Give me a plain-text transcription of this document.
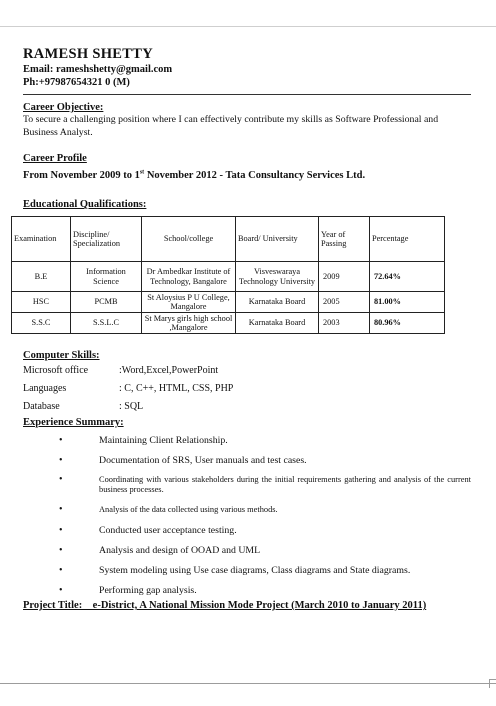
RAMESH SHETTY
Email: rameshshetty@gmail.com
Ph:+97987654321 0 (M)
Career Objective:
To secure a challenging position where I can effectively contribute my skills as Software Professional and Business Analyst.
Career Profile
From November 2009 to 1st November 2012 - Tata Consultancy Services Ltd.
Educational Qualifications:
Examination	Discipline/ Specialization	School/college	Board/ University	Year of Passing	Percentage
B.E	Information Science	Dr Ambedkar Institute of Technology, Bangalore	Visveswaraya Technology University	2009	72.64%
HSC	PCMB	St Aloysius P U College, Mangalore	Karnataka Board	2005	81.00%
S.S.C	S.S.L.C	St Marys girls high school ,Mangalore	Karnataka Board	2003	80.96%
Computer Skills:
Microsoft office	:Word,Excel,PowerPoint
Languages	: C, C++, HTML, CSS, PHP
Database	: SQL
Experience Summary:
•	Maintaining Client Relationship.
•	Documentation of SRS, User manuals and test cases.
•	Coordinating with various stakeholders during the initial requirements gathering and analysis of the current business processes.
•	Analysis of the data collected using various methods.
•	Conducted user acceptance testing.
•	Analysis and design of OOAD and UML
•	System modeling using Use case diagrams, Class diagrams and State diagrams.
•	Performing gap analysis.
Project Title:    e-District, A National Mission Mode Project (March 2010 to January 2011)
